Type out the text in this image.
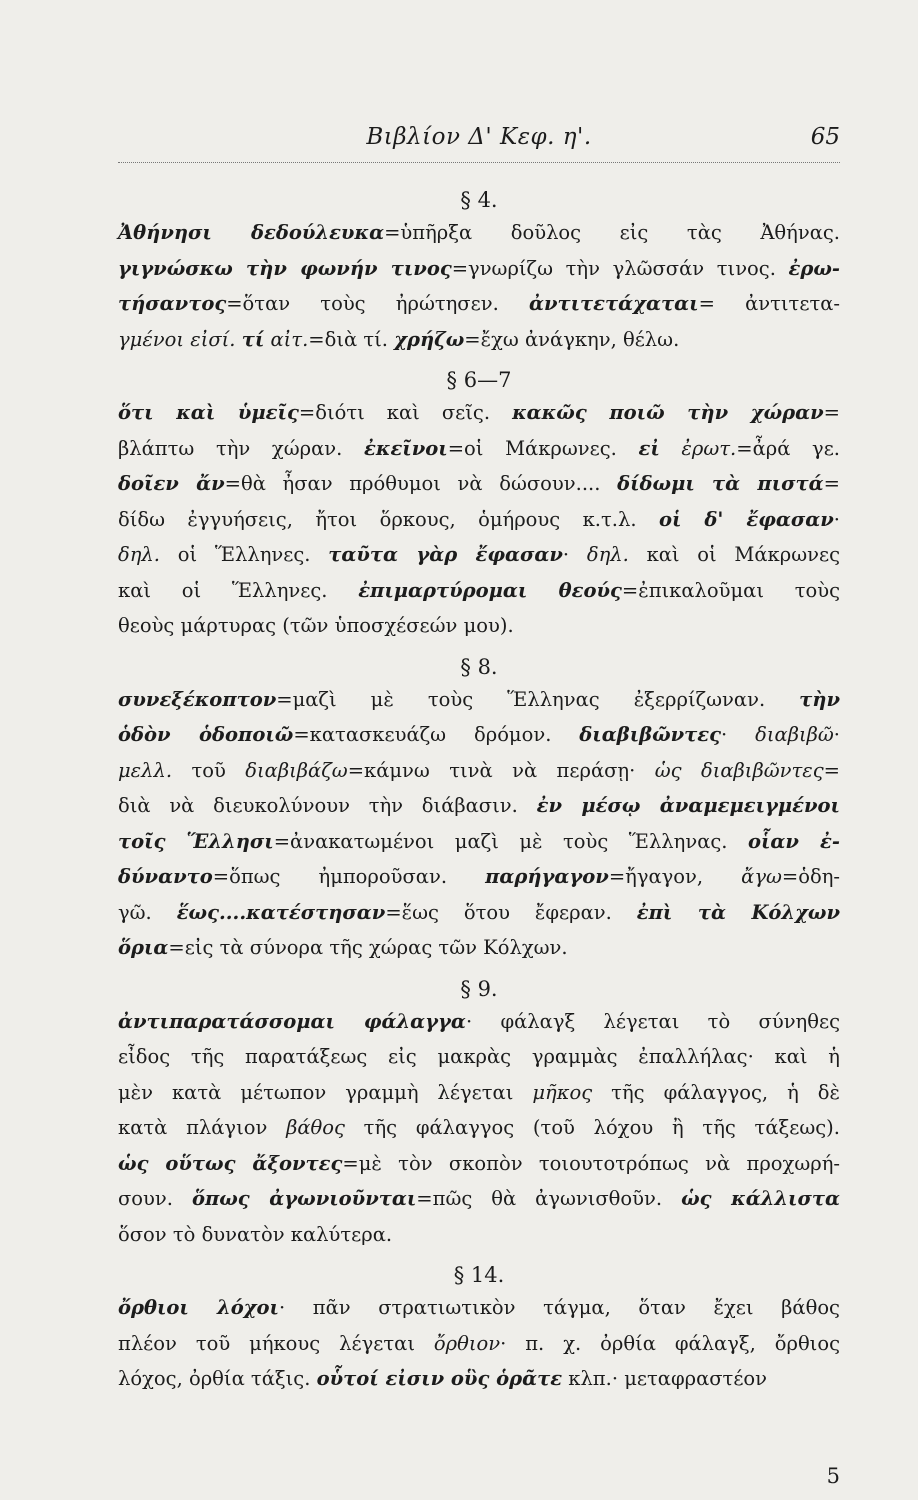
Βιβλίον Δ' Κεφ. η'.	65
§ 4.
Ἀθήνησι δεδούλευκα=ὑπῆρξα δοῦλος εἰς τὰς Ἀθήνας.
γιγνώσκω τὴν φωνήν τινος=γνωρίζω τὴν γλῶσσάν τινος. ἐρω-
τήσαντος=ὅταν τοὺς ἠρώτησεν. ἀντιτετάχαται= ἀντιτετα-
γμένοι εἰσί. τί αἰτ.=διὰ τί. χρήζω=ἔχω ἀνάγκην, θέλω.
§ 6—7
ὅτι καὶ ὑμεῖς=διότι καὶ σεῖς. κακῶς ποιῶ τὴν χώραν=
βλάπτω τὴν χώραν. ἐκεῖνοι=οἱ Μάκρωνες. εἰ ἐρωτ.=ἆρά γε.
δοῖεν ἄν=θὰ ἦσαν πρόθυμοι νὰ δώσουν.... δίδωμι τὰ πιστά=
δίδω ἐγγυήσεις, ἤτοι ὅρκους, ὁμήρους κ.τ.λ. οἱ δ' ἔφασαν·
δηλ. οἱ Ἕλληνες. ταῦτα γὰρ ἔφασαν· δηλ. καὶ οἱ Μάκρωνες
καὶ οἱ Ἕλληνες. ἐπιμαρτύρομαι θεούς=ἐπικαλοῦμαι τοὺς
θεοὺς μάρτυρας (τῶν ὑποσχέσεών μου).
§ 8.
συνεξέκοπτον=μαζὶ μὲ τοὺς Ἕλληνας ἐξερρίζωναν. τὴν
ὁδὸν ὁδοποιῶ=κατασκευάζω δρόμον. διαβιβῶντες· διαβιβῶ·
μελλ. τοῦ διαβιβάζω=κάμνω τινὰ νὰ περάσῃ· ὡς διαβιβῶντες=
διὰ νὰ διευκολύνουν τὴν διάβασιν. ἐν μέσῳ ἀναμεμειγμένοι
τοῖς Ἕλλησι=ἀνακατωμένοι μαζὶ μὲ τοὺς Ἕλληνας. οἷαν ἐ-
δύναντο=ὅπως ἠμποροῦσαν. παρήγαγον=ἤγαγον, ἄγω=ὁδη-
γῶ. ἕως....κατέστησαν=ἕως ὅτου ἔφεραν. ἐπὶ τὰ Κόλχων
ὅρια=εἰς τὰ σύνορα τῆς χώρας τῶν Κόλχων.
§ 9.
ἀντιπαρατάσσομαι φάλαγγα· φάλαγξ λέγεται τὸ σύνηθες
εἶδος τῆς παρατάξεως εἰς μακρὰς γραμμὰς ἐπαλλήλας· καὶ ἡ
μὲν κατὰ μέτωπον γραμμὴ λέγεται μῆκος τῆς φάλαγγος, ἡ δὲ
κατὰ πλάγιον βάθος τῆς φάλαγγος (τοῦ λόχου ἢ τῆς τάξεως).
ὡς οὕτως ἄξοντες=μὲ τὸν σκοπὸν τοιουτοτρόπως νὰ προχωρή-
σουν. ὅπως ἀγωνιοῦνται=πῶς θὰ ἀγωνισθοῦν. ὡς κάλλιστα
ὅσον τὸ δυνατὸν καλύτερα.
§ 14.
ὄρθιοι λόχοι· πᾶν στρατιωτικὸν τάγμα, ὅταν ἔχει βάθος
πλέον τοῦ μήκους λέγεται ὄρθιον· π. χ. ὀρθία φάλαγξ, ὄρθιος
λόχος, ὀρθία τάξις. οὗτοί εἰσιν οὓς ὁρᾶτε κλπ.· μεταφραστέον
5
